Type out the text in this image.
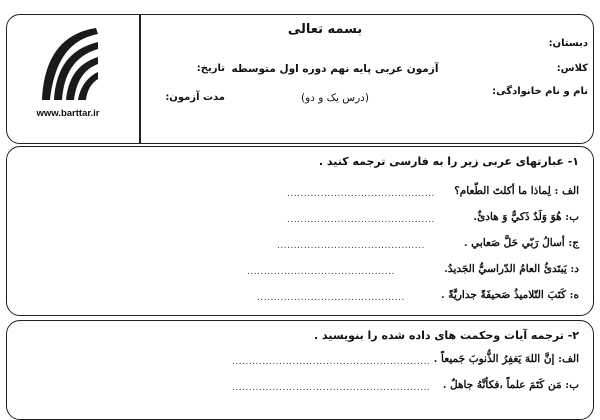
www.barttar.ir
بسمه تعالی
آزمون عربی پایه نهم دوره اول متوسطه
(درس یک و دو)
تاریخ:
مدت آزمون:
دبستان:
کلاس:
نام و نام خانوادگی:
۱- عبارتهای عربی زیر را به فارسی ترجمه کنید .
الف : لِماذا ما أكلتَ الطّعام؟
............................................
ب: هُوَ وَلَدٌ ذَكيٌّ وَ هادئٌ.
............................................
ج: أسالُ رَبّي حَلَّ صَعابي .
............................................
د: يَبتَدئُ العامُ الدّراسيُّ الجَديدُ.
............................................
ه: كَتَبَ التّلاميذُ صَحيفَةً جداريَّةً .
............................................
۲- ترجمه آیات وحکمت های داده شده را بنویسید .
الف: إنَّ اللهَ يَغفِرُ الذُّنوبَ جَميعاً .
...........................................................
ب: مَن كَتَمَ علماً ،فكأنَّهُ جاهلٌ .
...........................................................
